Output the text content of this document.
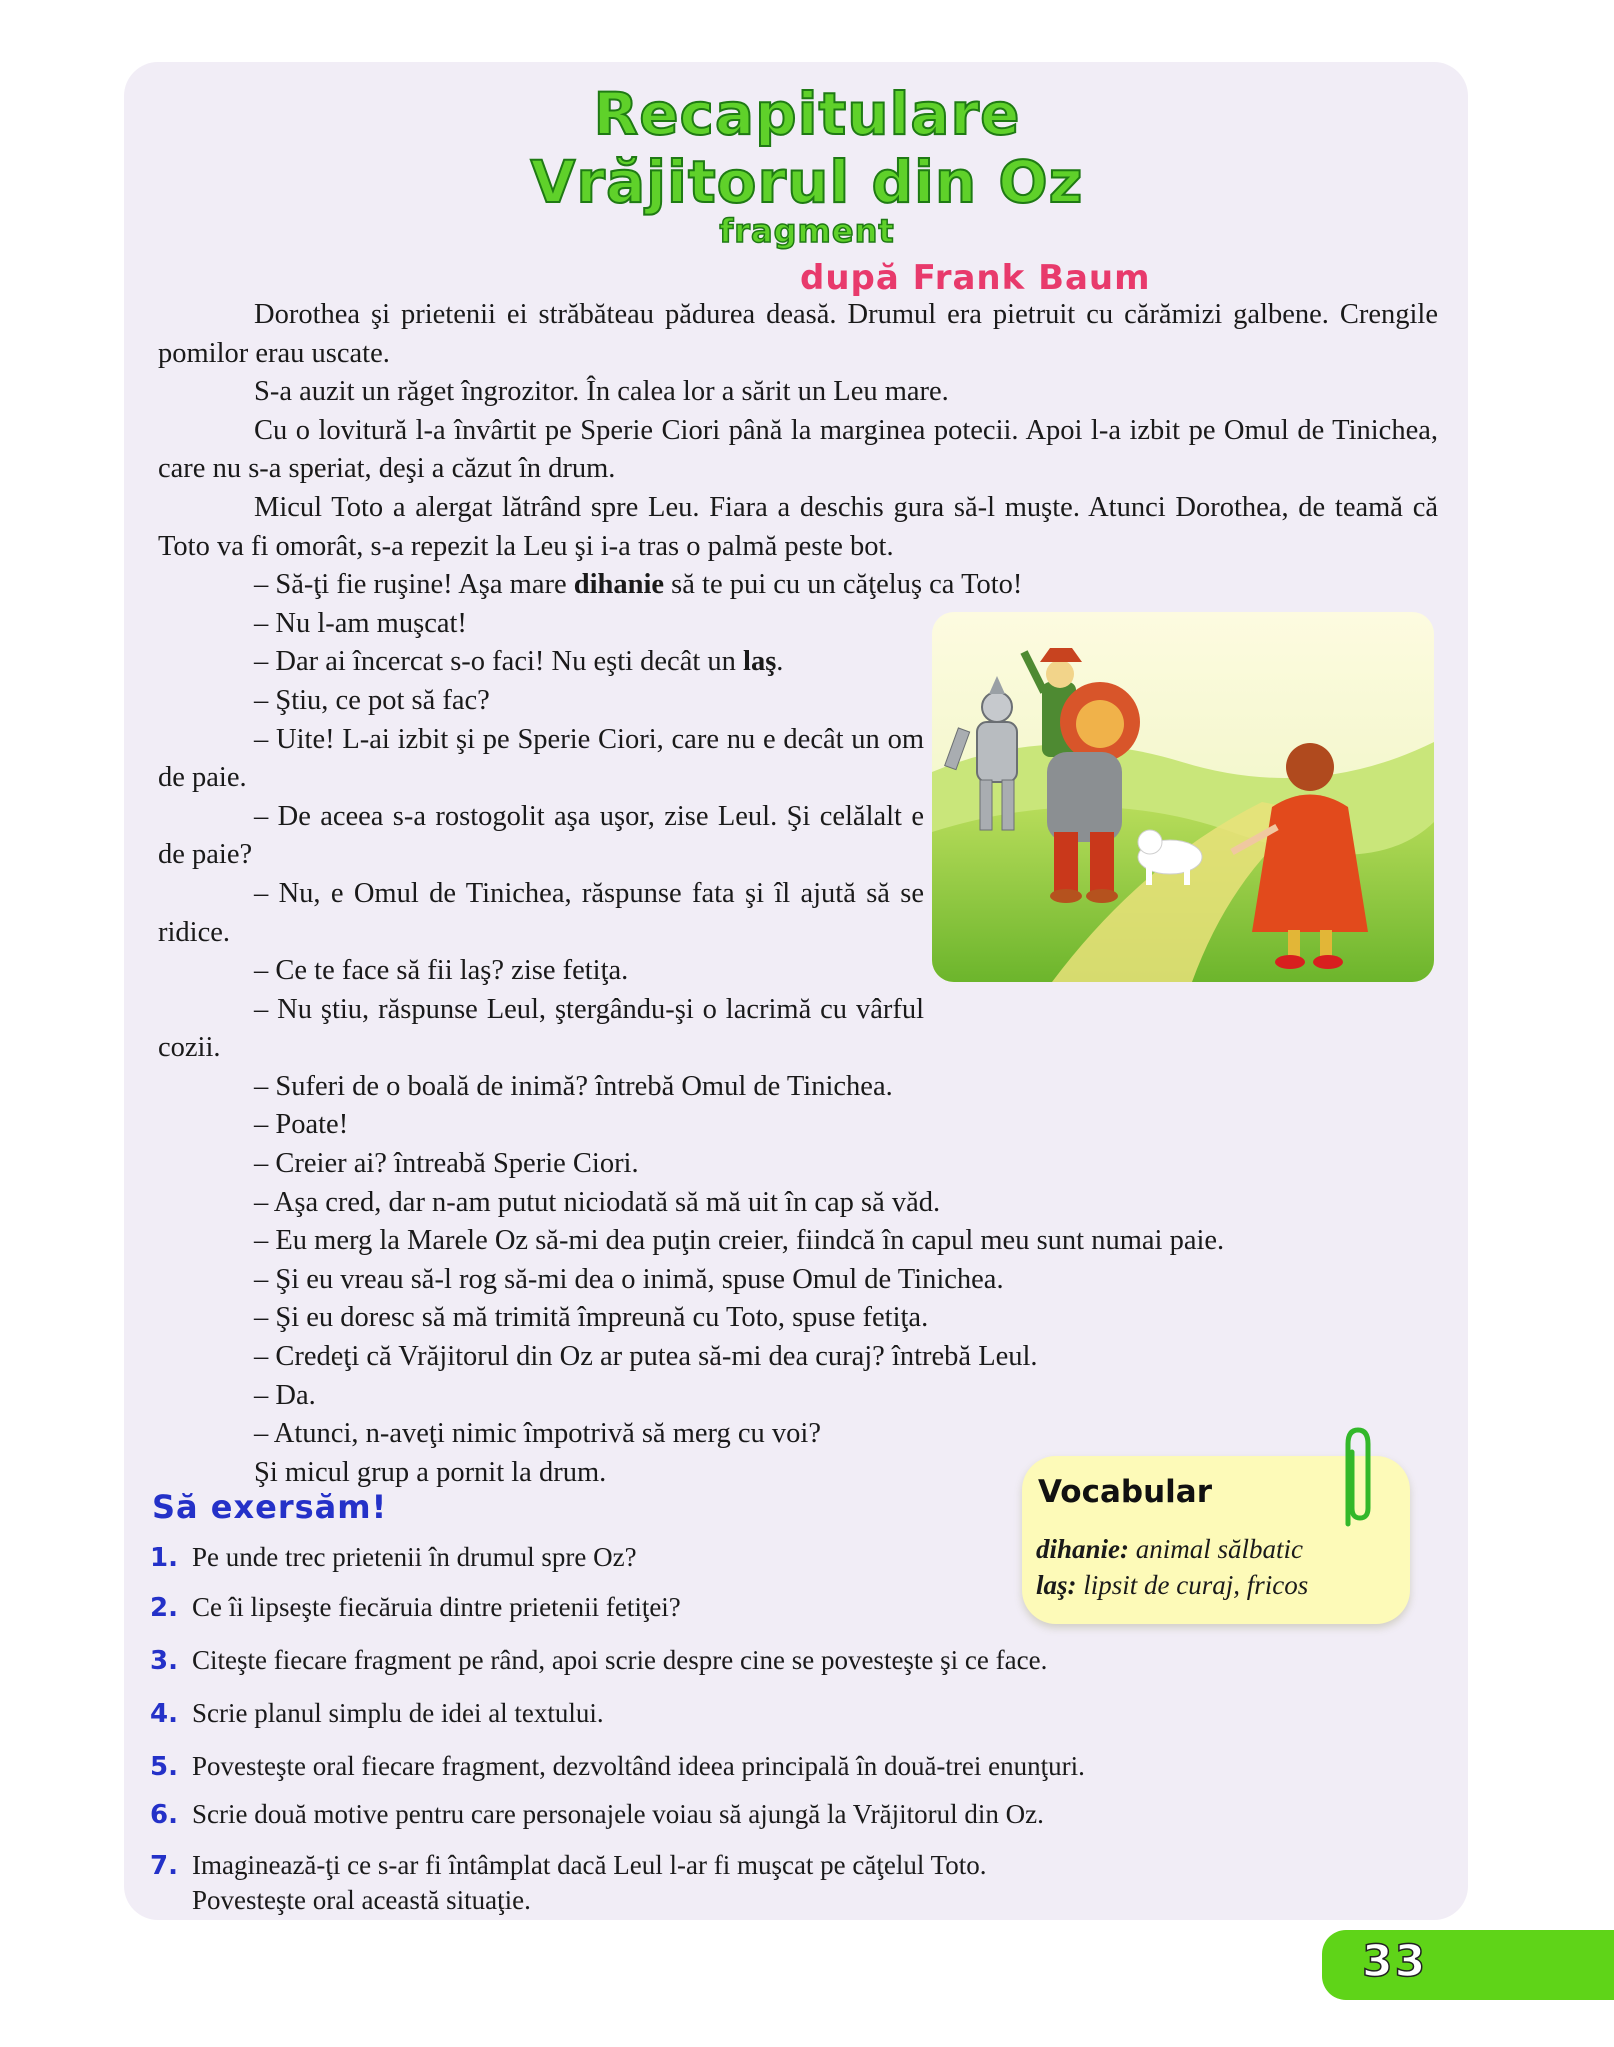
Recapitulare
Vrăjitorul din Oz
fragment
după Frank Baum

Dorothea şi prietenii ei străbăteau pădurea deasă. Drumul era pietruit cu cărămizi galbene. Crengile pomilor erau uscate.

S-a auzit un răget îngrozitor. În calea lor a sărit un Leu mare.

Cu o lovitură l-a învârtit pe Sperie Ciori până la marginea potecii. Apoi l-a izbit pe Omul de Tinichea, care nu s-a speriat, deşi a căzut în drum.

Micul Toto a alergat lătrând spre Leu. Fiara a deschis gura să-l muşte. Atunci Dorothea, de teamă că Toto va fi omorât, s-a repezit la Leu şi i-a tras o palmă peste bot.

– Să-ţi fie ruşine! Aşa mare dihanie să te pui cu un căţeluş ca Toto!

– Nu l-am muşcat!

– Dar ai încercat s-o faci! Nu eşti decât un laş.

– Ştiu, ce pot să fac?

– Uite! L-ai izbit şi pe Sperie Ciori, care nu e decât un om de paie.

– De aceea s-a rostogolit aşa uşor, zise Leul. Şi celălalt e de paie?

– Nu, e Omul de Tinichea, răspunse fata şi îl ajută să se ridice.

– Ce te face să fii laş? zise fetiţa.

– Nu ştiu, răspunse Leul, ştergându-şi o lacrimă cu vârful cozii.

– Suferi de o boală de inimă? întrebă Omul de Tinichea.

– Poate!

– Creier ai? întreabă Sperie Ciori.

– Aşa cred, dar n-am putut niciodată să mă uit în cap să văd.

– Eu merg la Marele Oz să-mi dea puţin creier, fiindcă în capul meu sunt numai paie.

– Şi eu vreau să-l rog să-mi dea o inimă, spuse Omul de Tinichea.

– Şi eu doresc să mă trimită împreună cu Toto, spuse fetiţa.

– Credeţi că Vrăjitorul din Oz ar putea să-mi dea curaj? întrebă Leul.

– Da.

– Atunci, n-aveţi nimic împotrivă să merg cu voi?

Şi micul grup a pornit la drum.

Să exersăm!
1. Pe unde trec prietenii în drumul spre Oz?
2. Ce îi lipseşte fiecăruia dintre prietenii fetiţei?
3. Citeşte fiecare fragment pe rând, apoi scrie despre cine se povesteşte şi ce face.
4. Scrie planul simplu de idei al textului.
5. Povesteşte oral fiecare fragment, dezvoltând ideea principală în două-trei enunţuri.
6. Scrie două motive pentru care personajele voiau să ajungă la Vrăjitorul din Oz.
7. Imaginează-ţi ce s-ar fi întâmplat dacă Leul l-ar fi muşcat pe căţelul Toto.
Povesteşte oral această situaţie.
Vocabular
dihanie: animal sălbatic
laş: lipsit de curaj, fricos
33
